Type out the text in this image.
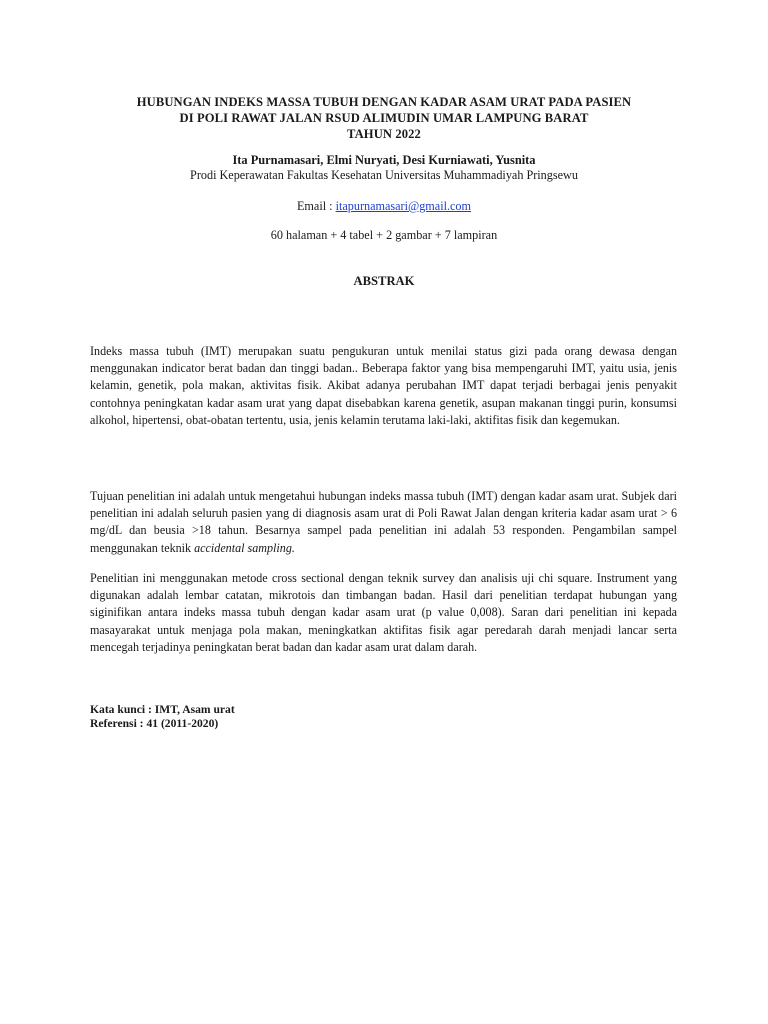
HUBUNGAN INDEKS MASSA TUBUH DENGAN KADAR ASAM URAT PADA PASIEN
DI POLI RAWAT JALAN RSUD ALIMUDIN UMAR LAMPUNG BARAT
TAHUN 2022
Ita Purnamasari, Elmi Nuryati, Desi Kurniawati, Yusnita
Prodi Keperawatan Fakultas Kesehatan Universitas Muhammadiyah Pringsewu
Email : itapurnamasari@gmail.com
60 halaman + 4 tabel + 2 gambar + 7 lampiran
ABSTRAK
Indeks massa tubuh (IMT) merupakan suatu pengukuran untuk menilai status gizi pada orang dewasa dengan menggunakan indicator berat badan dan tinggi badan.. Beberapa faktor yang bisa mempengaruhi IMT, yaitu usia, jenis kelamin, genetik, pola makan, aktivitas fisik. Akibat adanya perubahan IMT dapat terjadi berbagai jenis penyakit contohnya peningkatan kadar asam urat yang dapat disebabkan karena genetik, asupan makanan tinggi purin, konsumsi alkohol, hipertensi, obat-obatan tertentu, usia, jenis kelamin terutama laki-laki, aktifitas fisik dan kegemukan.
Tujuan penelitian ini adalah untuk mengetahui hubungan indeks massa tubuh (IMT) dengan kadar asam urat. Subjek dari penelitian ini adalah seluruh pasien yang di diagnosis asam urat di Poli Rawat Jalan dengan kriteria kadar asam urat > 6 mg/dL dan beusia >18 tahun. Besarnya sampel pada penelitian ini adalah 53 responden. Pengambilan sampel menggunakan teknik accidental sampling.
Penelitian ini menggunakan metode cross sectional dengan teknik survey dan analisis uji chi square. Instrument yang digunakan adalah lembar catatan, mikrotois dan timbangan badan. Hasil dari penelitian terdapat hubungan yang siginifikan antara indeks massa tubuh dengan kadar asam urat (p value 0,008). Saran dari penelitian ini kepada masayarakat untuk menjaga pola makan, meningkatkan aktifitas fisik agar peredarah darah menjadi lancar serta mencegah terjadinya peningkatan berat badan dan kadar asam urat dalam darah.
Kata kunci : IMT, Asam urat
Referensi : 41 (2011-2020)
